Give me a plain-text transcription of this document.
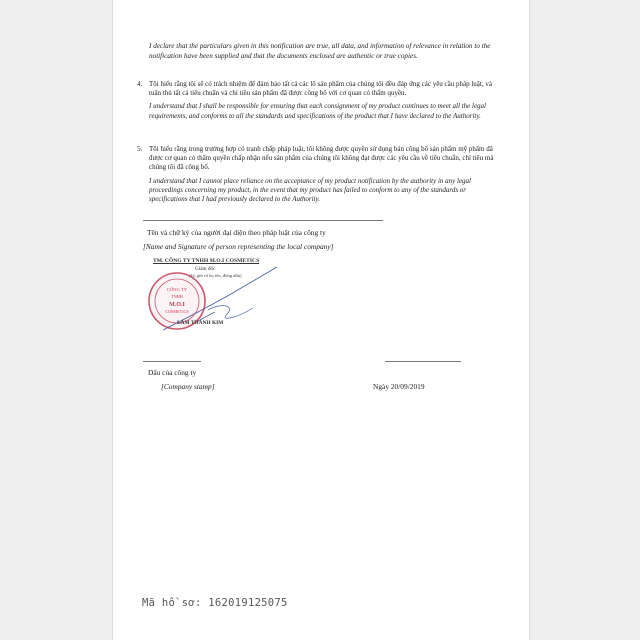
I declare that the particulars given in this notification are true, all data, and information of relevance in relation to the notification have been supplied and that the documents enclosed are authentic or true copies.
4. Tôi hiểu rằng tôi sẽ có trách nhiệm để đảm bảo tất cả các lô sản phẩm của chúng tôi đều đáp ứng các yêu cầu pháp luật, và tuân thủ tất cả tiêu chuẩn và chỉ tiêu sản phẩm đã được công bố với cơ quan có thẩm quyền.
I understand that I shall be responsible for ensuring that each consignment of my product continues to meet all the legal requirements, and conforms to all the standards and specifications of the product that I have declared to the Authority.
5. Tôi hiểu rằng trong trường hợp có tranh chấp pháp luật, tôi không được quyền sử dụng bản công bố sản phẩm mỹ phẩm đã được cơ quan có thẩm quyền chấp nhận nếu sản phẩm của chúng tôi không đạt được các yêu cầu về tiêu chuẩn, chỉ tiêu mà chúng tôi đã công bố.
I understand that I cannot place reliance on the acceptance of my product notification by the authority in any legal proceedings concerning my product, in the event that my product has failed to conform to any of the standards or specifications that I had previously declared to the Authority.
Tên và chữ ký của người đại diện theo pháp luật của công ty
[Name and Signature of person representing the local company]
TM. CÔNG TY TNHH M.O.I COSMETICS
Giám đốc
(ký, ghi rõ họ tên, đóng dấu)
CÔNG TY
TNHH
M.O.I
COSMETICS
LÂM THÀNH KIM
Dấu của công ty
[Company stamp]	Ngày 20/09/2019
Mã hồ sơ: 162019125075
